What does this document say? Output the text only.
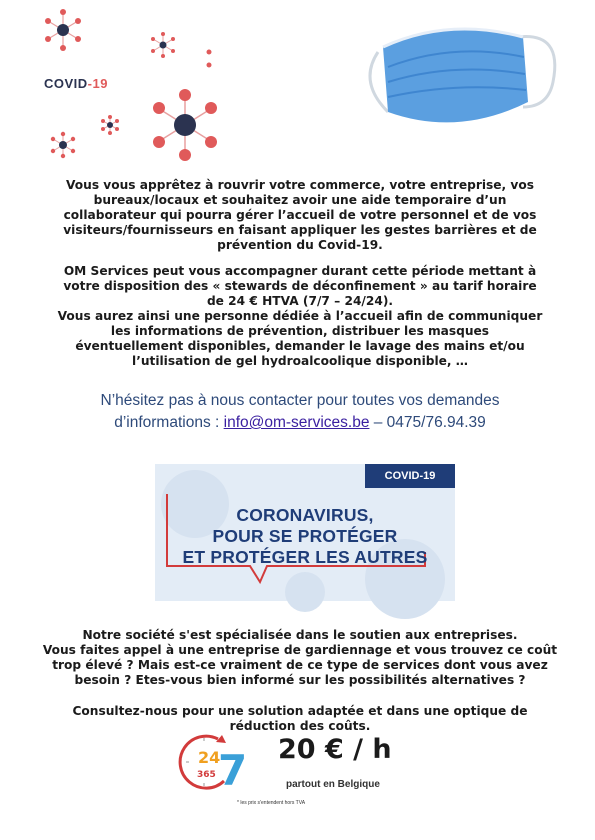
COVID-19
Vous vous apprêtez à rouvrir votre commerce, votre entreprise, vos bureaux/locaux et souhaitez avoir une aide temporaire d’un collaborateur qui pourra gérer l’accueil de votre personnel et de vos visiteurs/fournisseurs en faisant appliquer les gestes barrières et de prévention du Covid-19.
OM Services peut vous accompagner durant cette période mettant à votre disposition des « stewards de déconfinement » au tarif horaire de 24 € HTVA (7/7 – 24/24).
Vous aurez ainsi une personne dédiée à l’accueil afin de communiquer les informations de prévention, distribuer les masques éventuellement disponibles, demander le lavage des mains et/ou l’utilisation de gel hydroalcoolique disponible, …
N’hésitez pas à nous contacter pour toutes vos demandes
d’informations : info@om-services.be – 0475/76.94.39
COVID-19
CORONAVIRUS,
POUR SE PROTÉGER
ET PROTÉGER LES AUTRES
Notre société s'est spécialisée dans le soutien aux entreprises.
Vous faites appel à une entreprise de gardiennage et vous trouvez ce coût trop élevé ? Mais est-ce vraiment de ce type de services dont vous avez besoin ? Etes-vous bien informé sur les possibilités alternatives ?
Consultez-nous pour une solution adaptée et dans une optique de réduction des coûts.
24
365 7 20 € / h
partout en Belgique
* les prix s'entendent hors TVA
